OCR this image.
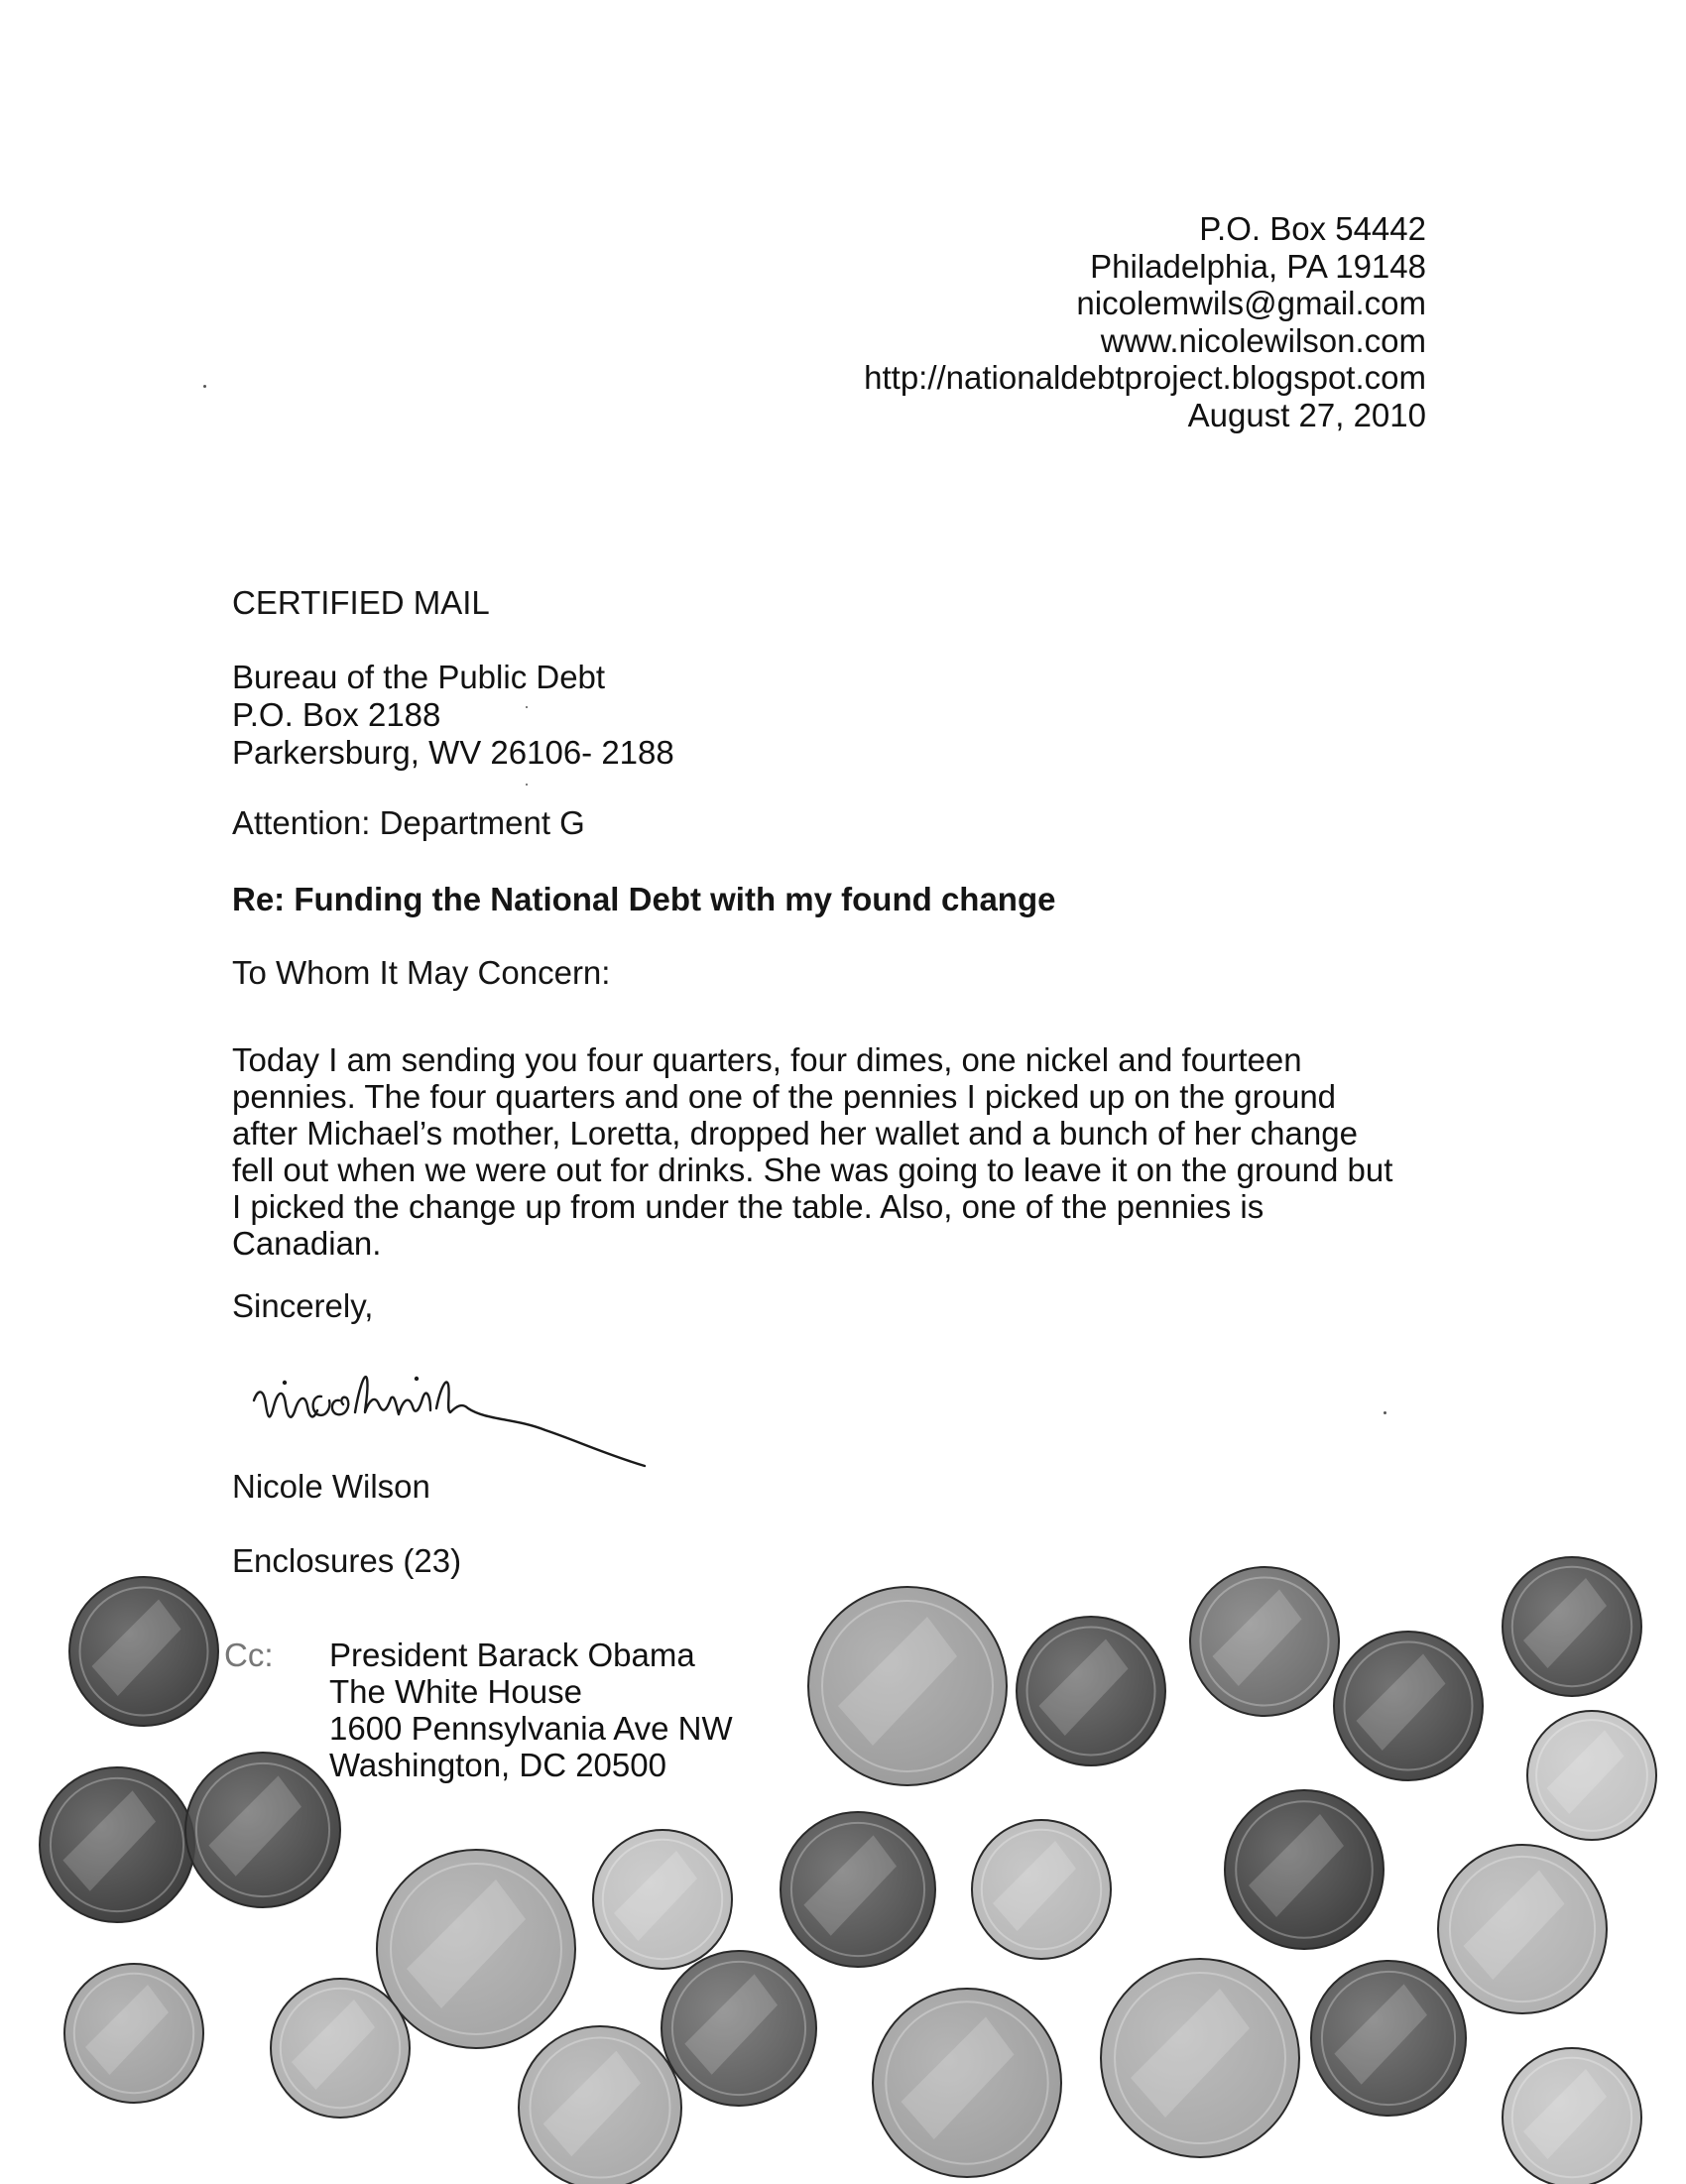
P.O. Box 54442
Philadelphia, PA 19148
nicolemwils@gmail.com
www.nicolewilson.com
http://nationaldebtproject.blogspot.com
August 27, 2010
CERTIFIED MAIL
Bureau of the Public Debt
P.O. Box 2188
Parkersburg, WV 26106- 2188
Attention: Department G
Re: Funding the National Debt with my found change
To Whom It May Concern:
Today I am sending you four quarters, four dimes, one nickel and fourteen
pennies. The four quarters and one of the pennies I picked up on the ground
after Michael’s mother, Loretta, dropped her wallet and a bunch of her change
fell out when we were out for drinks. She was going to leave it on the ground but
I picked the change up from under the table. Also, one of the pennies is
Canadian.
Sincerely,
Nicole Wilson
Enclosures (23)
Cc: President Barack Obama
The White House
1600 Pennsylvania Ave NW
Washington, DC 20500
